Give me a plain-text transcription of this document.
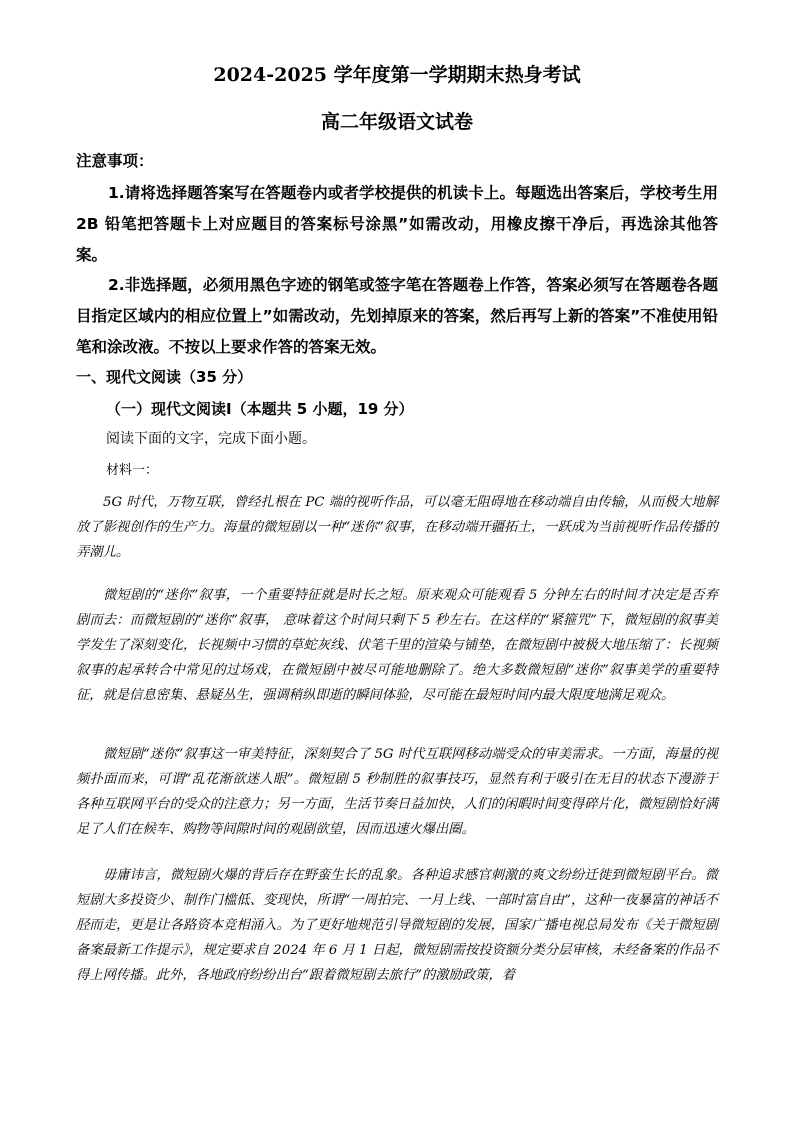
2024-2025 学年度第一学期期末热身考试
高二年级语文试卷
注意事项：
1.请将选择题答案写在答题卷内或者学校提供的机读卡上。每题选出答案后，学校考生用 2B 铅笔把答题卡上对应题目的答案标号涂黑”如需改动，用橡皮擦干净后，再选涂其他答案。
2.非选择题，必须用黑色字迹的钢笔或签字笔在答题卷上作答，答案必须写在答题卷各题目指定区域内的相应位置上”如需改动，先划掉原来的答案，然后再写上新的答案”不准使用铅笔和涂改液。不按以上要求作答的答案无效。
一、现代文阅读（35 分）
（一）现代文阅读Ⅰ（本题共 5 小题，19 分）
阅读下面的文字，完成下面小题。
材料一：
5G 时代，万物互联，曾经扎根在 PC 端的视听作品，可以毫无阻碍地在移动端自由传输，从而极大地解放了影视创作的生产力。海量的微短剧以一种“迷你”叙事，在移动端开疆拓土，一跃成为当前视听作品传播的弄潮儿。
微短剧的“迷你”叙事，一个重要特征就是时长之短。原来观众可能观看 5 分钟左右的时间才决定是否弃剧而去：而微短剧的“迷你”叙事， 意味着这个时间只剩下 5 秒左右。在这样的“紧箍咒”下，微短剧的叙事美学发生了深刻变化，长视频中习惯的草蛇灰线、伏笔千里的渲染与铺垫，在微短剧中被极大地压缩了：长视频叙事的起承转合中常见的过场戏，在微短剧中被尽可能地删除了。绝大多数微短剧“迷你”叙事美学的重要特征，就是信息密集、悬疑丛生，强调稍纵即逝的瞬间体验，尽可能在最短时间内最大限度地满足观众。
微短剧“迷你”叙事这一审美特征，深刻契合了 5G 时代互联网移动端受众的审美需求。一方面，海量的视频扑面而来，可谓“乱花渐欲迷人眼”。微短剧 5 秒制胜的叙事技巧，显然有利于吸引在无目的状态下漫游于各种互联网平台的受众的注意力；另一方面，生活节奏日益加快，人们的闲暇时间变得碎片化，微短剧恰好满足了人们在候车、购物等间隙时间的观剧欲望，因而迅速火爆出圈。
毋庸讳言，微短剧火爆的背后存在野蛮生长的乱象。各种追求感官刺激的爽文纷纷迁徙到微短剧平台。微短剧大多投资少、制作门槛低、变现快，所谓“一周拍完、一月上线、一部时富自由”，这种一夜暴富的神话不胫而走，更是让各路资本竞相涌入。为了更好地规范引导微短剧的发展，国家广播电视总局发布《关于微短剧备案最新工作提示》，规定要求自 2024 年 6 月 1 日起，微短剧需按投资额分类分层审核，未经备案的作品不得上网传播。此外，各地政府纷纷出台“跟着微短剧去旅行”的激励政策，着
